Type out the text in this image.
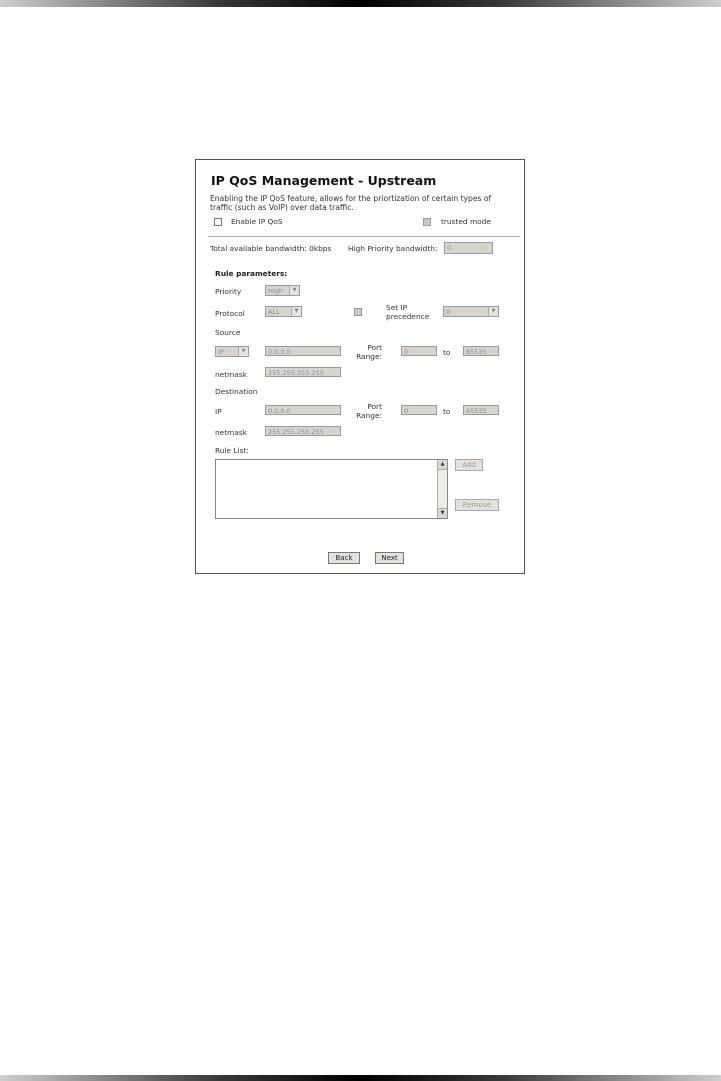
IP QoS Management - Upstream
Enabling the IP QoS feature, allows for the priortization of certain types of traffic (such as VoIP) over data traffic.
Enable IP QoS	trusted mode
Total available bandwidth: 0kbps High Priority bandwidth:	0
Rule parameters:
Priority	High	▼
Protocol	ALL	▼	Set IP precedence	0	▼
Source
IP	▼	0.0.0.0	Port Range:	0	to	65535
netmask	255.255.255.255
Destination
IP	0.0.0.0	Port Range:	0	to	65535
netmask	255.255.255.255
Rule List:
▲
▼
Add
Remove
Back	Next
